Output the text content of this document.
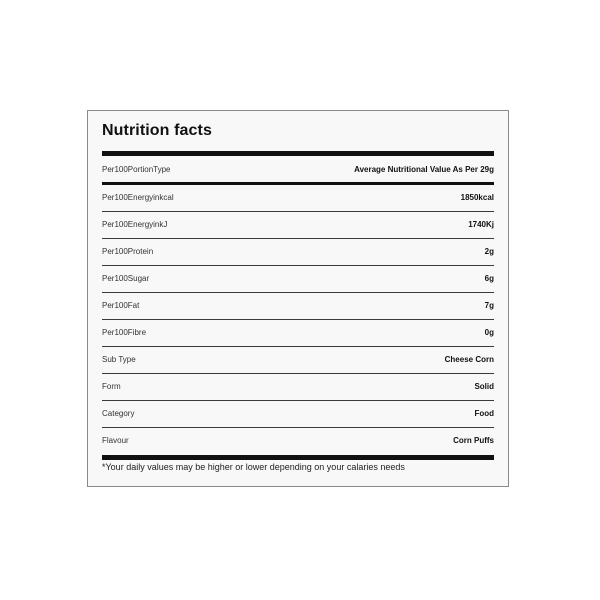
Nutrition facts
Per100PortionType	Average Nutritional Value As Per 29g
Per100Energyinkcal	1850kcal
Per100EnergyinkJ	1740Kj
Per100Protein	2g
Per100Sugar	6g
Per100Fat	7g
Per100Fibre	0g
Sub Type	Cheese Corn
Form	Solid
Category	Food
Flavour	Corn Puffs
*Your daily values may be higher or lower depending on your calaries needs
